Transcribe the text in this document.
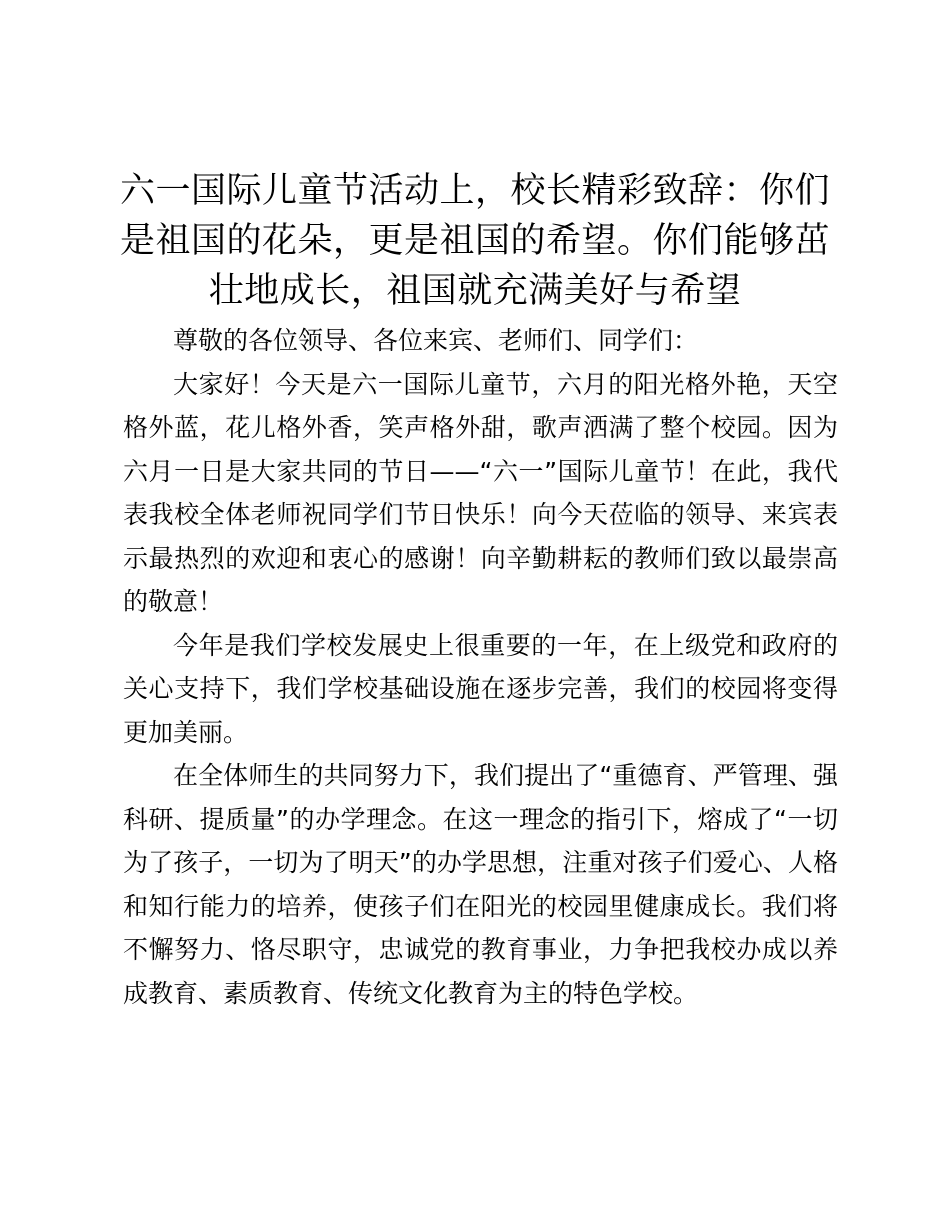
六一国际儿童节活动上，校长精彩致辞：你们是祖国的花朵，更是祖国的希望。你们能够茁壮地成长，祖国就充满美好与希望

尊敬的各位领导、各位来宾、老师们、同学们：

大家好！今天是六一国际儿童节，六月的阳光格外艳，天空格外蓝，花儿格外香，笑声格外甜，歌声洒满了整个校园。因为六月一日是大家共同的节日——“六一”国际儿童节！在此，我代表我校全体老师祝同学们节日快乐！向今天莅临的领导、来宾表示最热烈的欢迎和衷心的感谢！向辛勤耕耘的教师们致以最崇高的敬意！

今年是我们学校发展史上很重要的一年，在上级党和政府的关心支持下，我们学校基础设施在逐步完善，我们的校园将变得更加美丽。

在全体师生的共同努力下，我们提出了“重德育、严管理、强科研、提质量”的办学理念。在这一理念的指引下，熔成了“一切为了孩子，一切为了明天”的办学思想，注重对孩子们爱心、人格和知行能力的培养，使孩子们在阳光的校园里健康成长。我们将不懈努力、恪尽职守，忠诚党的教育事业，力争把我校办成以养成教育、素质教育、传统文化教育为主的特色学校。
